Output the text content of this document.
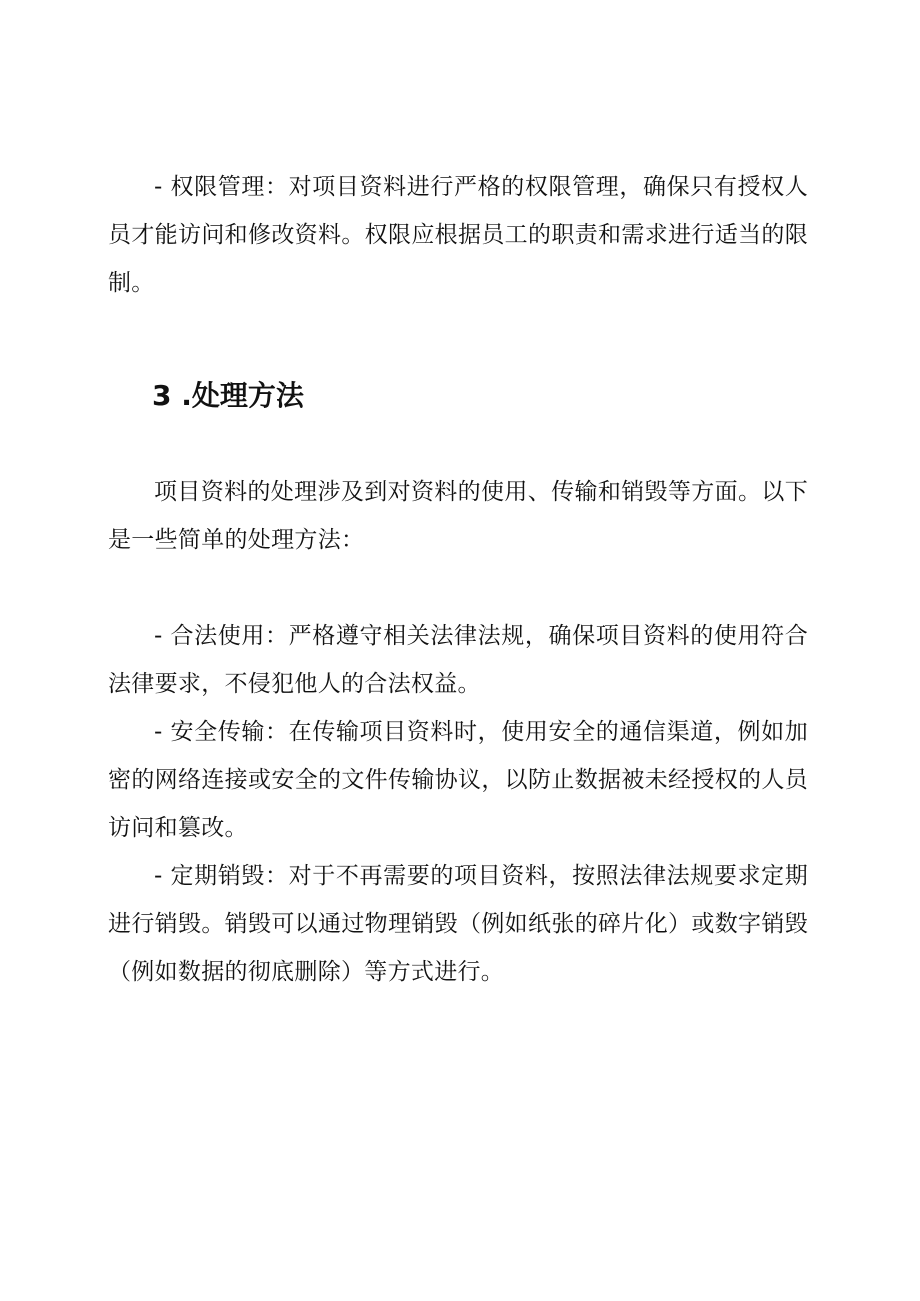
- 权限管理：对项目资料进行严格的权限管理，确保只有授权人员才能访问和修改资料。权限应根据员工的职责和需求进行适当的限制。

3 .处理方法

项目资料的处理涉及到对资料的使用、传输和销毁等方面。以下是一些简单的处理方法：

- 合法使用：严格遵守相关法律法规，确保项目资料的使用符合法律要求，不侵犯他人的合法权益。

- 安全传输：在传输项目资料时，使用安全的通信渠道，例如加密的网络连接或安全的文件传输协议，以防止数据被未经授权的人员访问和篡改。

- 定期销毁：对于不再需要的项目资料，按照法律法规要求定期进行销毁。销毁可以通过物理销毁（例如纸张的碎片化）或数字销毁（例如数据的彻底删除）等方式进行。
